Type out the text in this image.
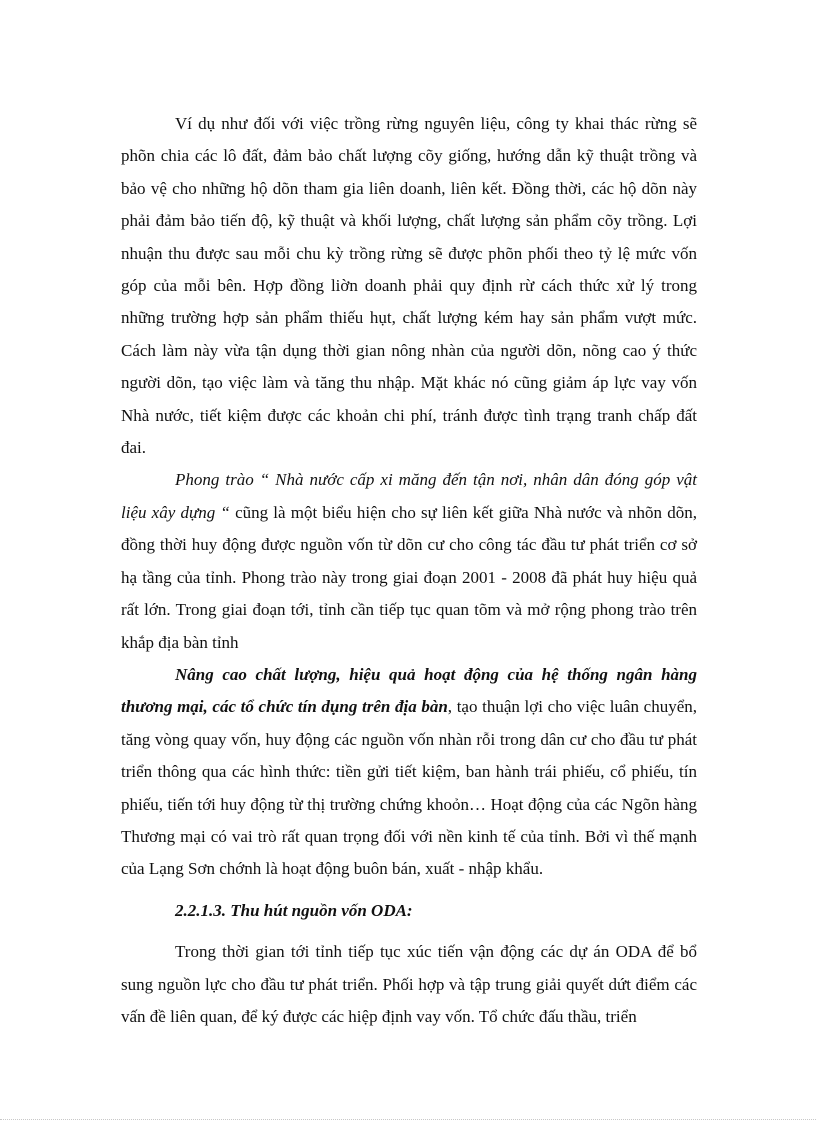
Ví dụ như đối với việc trồng rừng nguyên liệu, công ty khai thác rừng sẽ phõn chia các lô đất, đảm bảo chất lượng cõy giống, hướng dẫn kỹ thuật trồng và bảo vệ cho những hộ dõn tham gia liên doanh, liên kết. Đồng thời, các hộ dõn này phải đảm bảo tiến độ, kỹ thuật và khối lượng, chất lượng sản phẩm cõy trồng. Lợi nhuận thu được sau mỗi chu kỳ trồng rừng sẽ được phõn phối theo tỷ lệ mức vốn góp của mỗi bên. Hợp đồng liờn doanh phải quy định rừ cách thức xử lý trong những trường hợp sản phẩm thiếu hụt, chất lượng kém hay sản phẩm vượt mức. Cách làm này vừa tận dụng thời gian nông nhàn của người dõn, nõng cao ý thức người dõn, tạo việc làm và tăng thu nhập. Mặt khác nó cũng giảm áp lực vay vốn Nhà nước, tiết kiệm được các khoản chi phí, tránh được tình trạng tranh chấp đất đai.

Phong trào “ Nhà nước cấp xi măng đến tận nơi, nhân dân đóng góp vật liệu xây dựng “ cũng là một biểu hiện cho sự liên kết giữa Nhà nước và nhõn dõn, đồng thời huy động được nguồn vốn từ dõn cư cho công tác đầu tư phát triển cơ sở hạ tầng của tỉnh. Phong trào này trong giai đoạn 2001 - 2008 đã phát huy hiệu quả rất lớn. Trong giai đoạn tới, tỉnh cần tiếp tục quan tõm và mở rộng phong trào trên khắp địa bàn tỉnh

Nâng cao chất lượng, hiệu quả hoạt động của hệ thống ngân hàng thương mại, các tổ chức tín dụng trên địa bàn, tạo thuận lợi cho việc luân chuyển, tăng vòng quay vốn, huy động các nguồn vốn nhàn rỗi trong dân cư cho đầu tư phát triển thông qua các hình thức: tiền gửi tiết kiệm, ban hành trái phiếu, cổ phiếu, tín phiếu, tiến tới huy động từ thị trường chứng khoỏn… Hoạt động của các Ngõn hàng Thương mại có vai trò rất quan trọng đối với nền kinh tế của tỉnh. Bởi vì thế mạnh của Lạng Sơn chớnh là hoạt động buôn bán, xuất - nhập khẩu.

2.2.1.3. Thu hút nguồn vốn ODA:

Trong thời gian tới tỉnh tiếp tục xúc tiến vận động các dự án ODA để bổ sung nguồn lực cho đầu tư phát triển. Phối hợp và tập trung giải quyết dứt điểm các vấn đề liên quan, để ký được các hiệp định vay vốn. Tổ chức đấu thầu, triển
